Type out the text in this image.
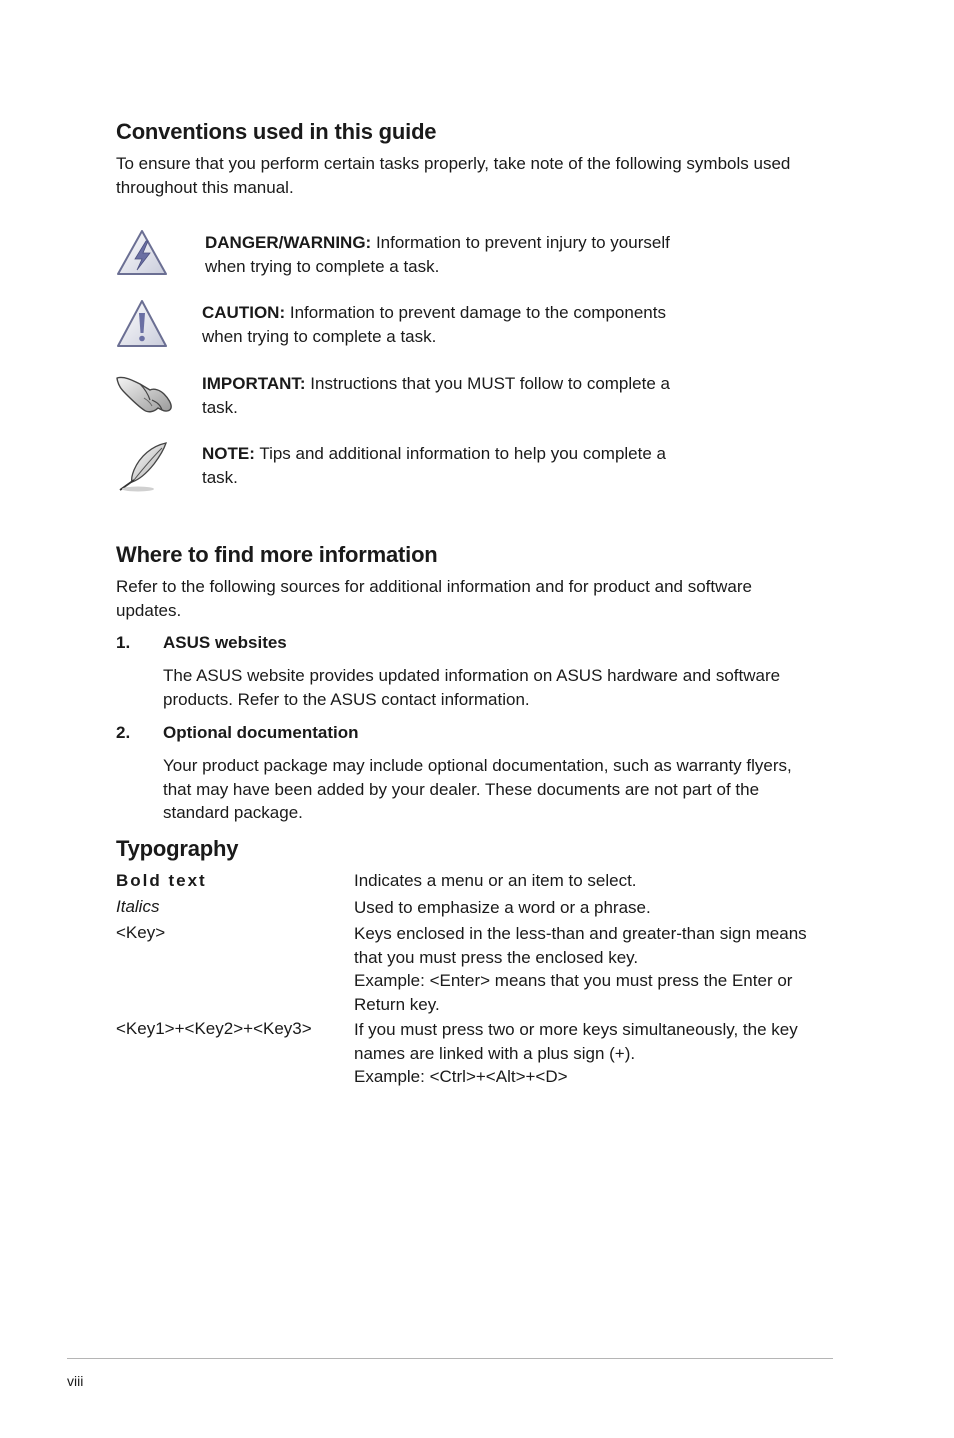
Conventions used in this guide

To ensure that you perform certain tasks properly, take note of the following symbols used throughout this manual.

DANGER/WARNING: Information to prevent injury to yourself
when trying to complete a task.

CAUTION: Information to prevent damage to the components
when trying to complete a task.

IMPORTANT: Instructions that you MUST follow to complete a
task.

NOTE: Tips and additional information to help you complete a
task.

Where to find more information

Refer to the following sources for additional information and for product and software updates.

1. ASUS websites

The ASUS website provides updated information on ASUS hardware and software products. Refer to the ASUS contact information.

2. Optional documentation

Your product package may include optional documentation, such as warranty flyers, that may have been added by your dealer. These documents are not part of the standard package.

Typography
Bold text	Indicates a menu or an item to select.

Italics	Used to emphasize a word or a phrase.

<Key>	Keys enclosed in the less-than and greater-than sign means that you must press the enclosed key.

Example: <Enter> means that you must press the Enter or Return key.

<Key1>+<Key2>+<Key3> If you must press two or more keys simultaneously, the key names are linked with a plus sign (+).

Example: <Ctrl>+<Alt>+<D>

viii
